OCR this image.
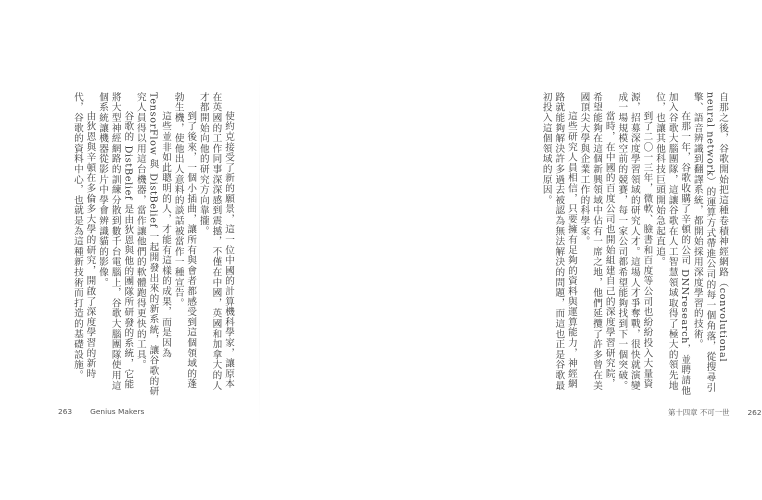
使約克接受了新的願景，這一位中國的計算機科學家，讓原本在英國的工作同事深深感到震撼，不僅在中國，英國和加拿大的人才都開始向他的研究方向靠攏。

到了後來，一個小插曲，讓所有與會者都感受到這個領域的蓬勃生機，使他出人意料的談話被當作一種宣告。

這些並非如此聰明的人，才能有這樣的成果，而是因為 TensorFlow 與 DistBelief 一起開發出來的新系統，讓谷歌的研究人員得以用這台機器，當作讓他們的軟體跑得更快的工具。

谷歌的 DistBelief 是由狄恩與他的團隊所研發的系統，它能將大型神經網路的訓練分散到數千台電腦上，谷歌大腦團隊使用這個系統讓機器從影片中學會辨識貓的影像。

由狄恩與辛頓在多倫多大學的研究，開啟了深度學習的新時代，谷歌的資料中心，也就是為這種新技術而打造的基礎設施。

263 Genius Makers

自那之後，谷歌開始把這種卷積神經網路（convolutional neural network）的運算方式帶進公司的每一個角落，從搜尋引擎、語音辨識到翻譯系統，都開始採用深度學習的技術。

在那一年，谷歌收購了辛頓的公司 DNNresearch，並聘請他加入谷歌大腦團隊，這讓谷歌在人工智慧領域取得了極大的領先地位，也讓其他科技巨頭開始急起直追。

到了二〇一三年，微軟、臉書和百度等公司也紛紛投入大量資源，招募深度學習領域的研究人才。這場人才爭奪戰，很快就演變成一場規模空前的競賽，每一家公司都希望能夠找到下一個突破。

當時，在中國的百度公司也開始組建自己的深度學習研究院，希望能夠在這個新興領域中佔有一席之地，他們延攬了許多曾在美國頂尖大學與企業工作的科學家。

這些研究人員相信，只要擁有足夠的資料與運算能力，神經網路就能夠解決許多過去被認為無法解決的問題，而這也正是谷歌最初投入這個領域的原因。

第十四章 不可一世 262
